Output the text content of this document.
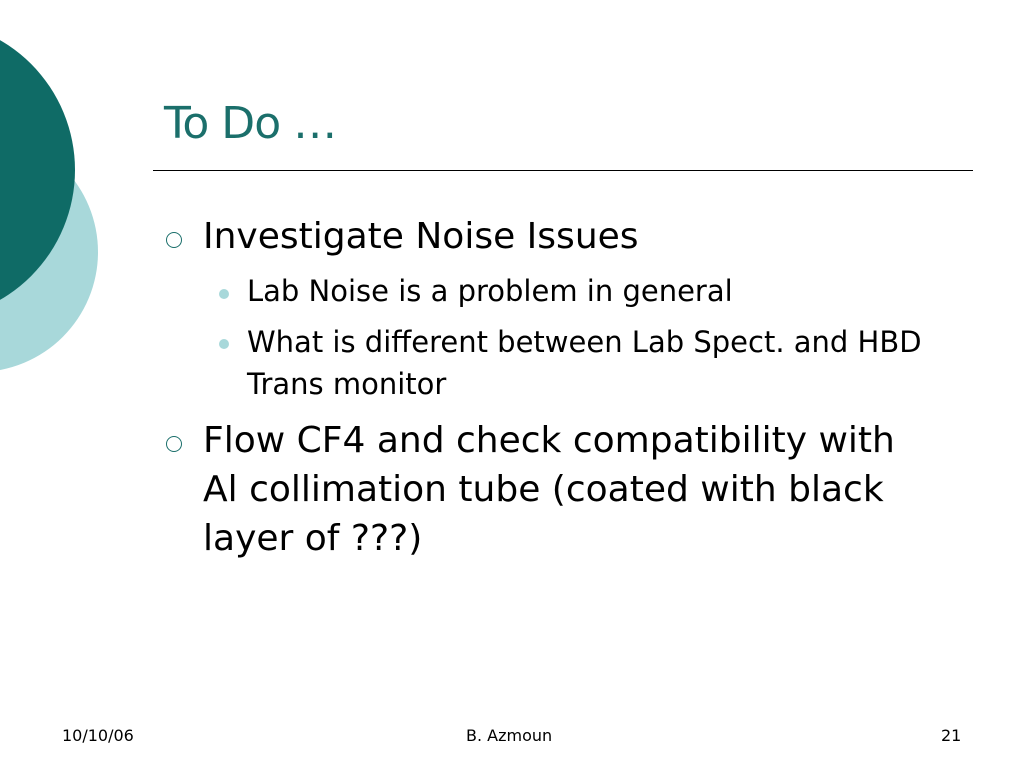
To Do …
Investigate Noise Issues
Lab Noise is a problem in general
What is different between Lab Spect. and HBD Trans monitor
Flow CF4 and check compatibility with Al collimation tube (coated with black layer of ???)
10/10/06	B. Azmoun	21
